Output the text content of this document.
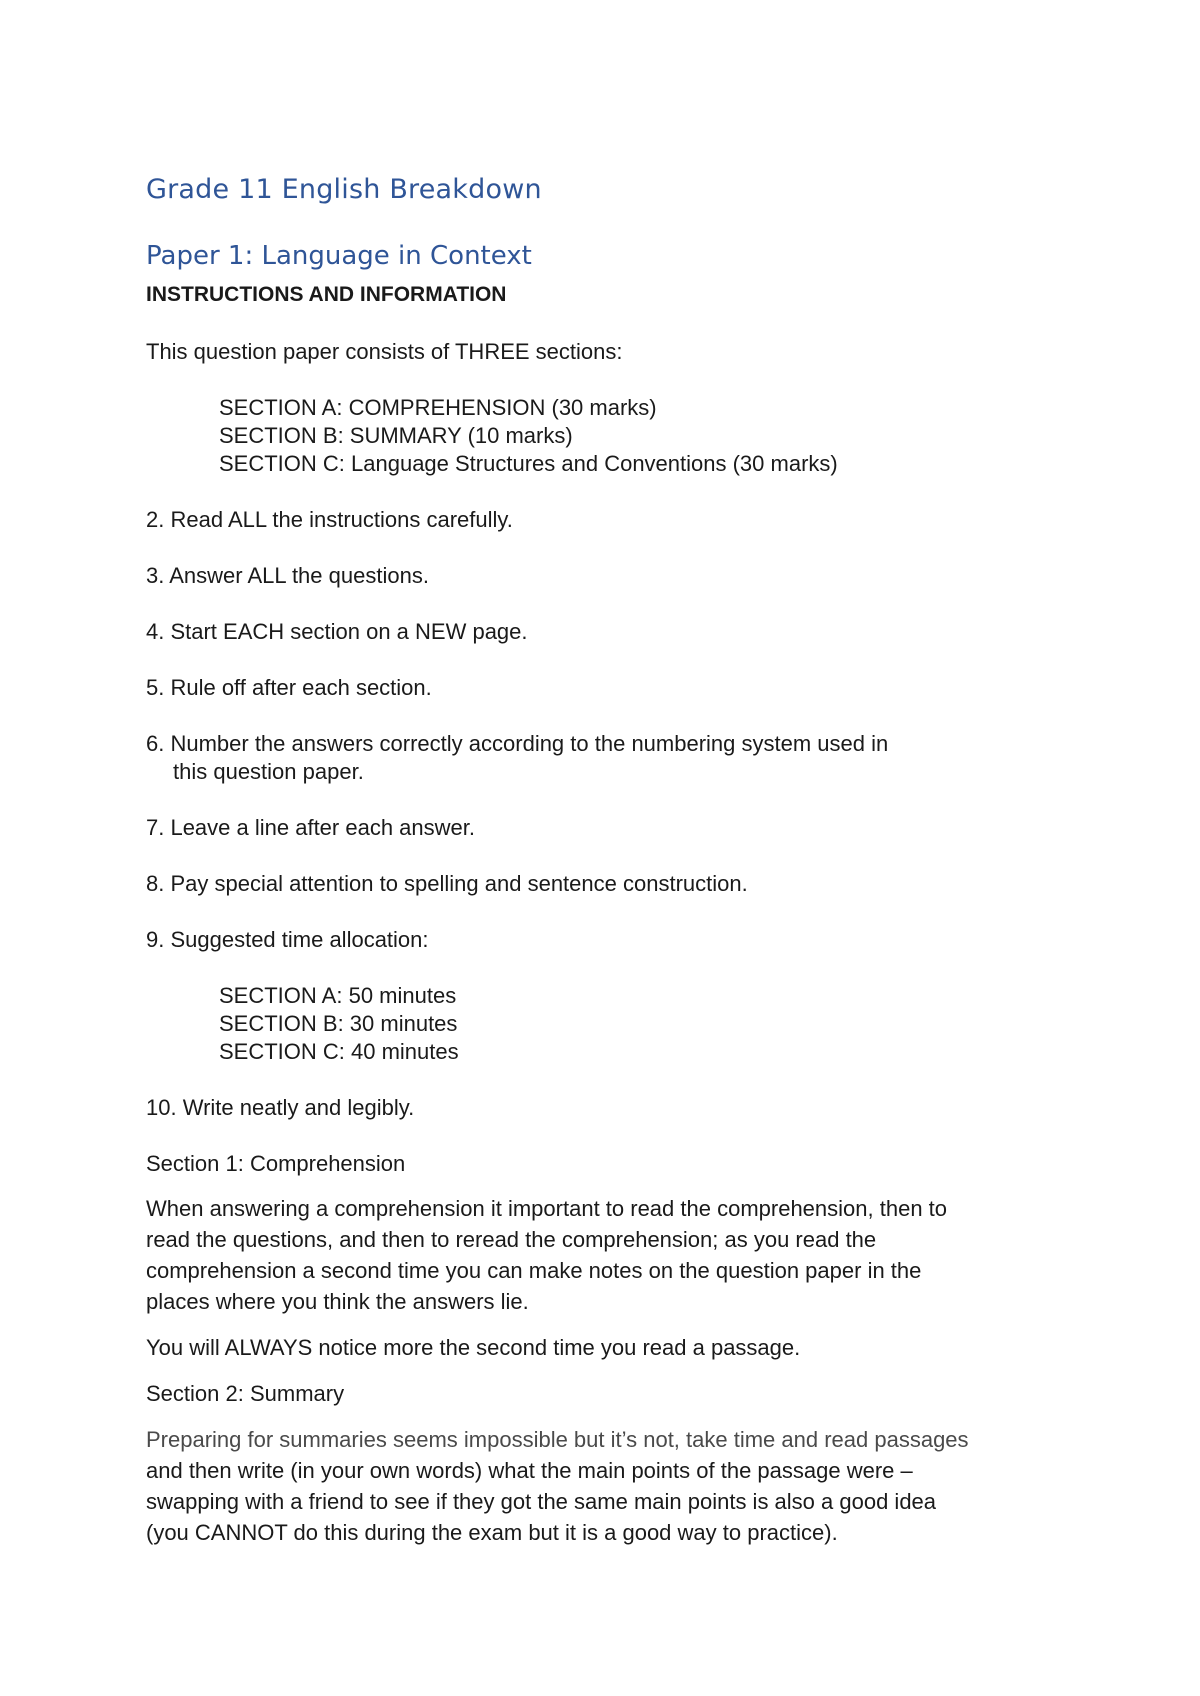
Grade 11 English Breakdown
Paper 1: Language in Context
INSTRUCTIONS AND INFORMATION
This question paper consists of THREE sections:
SECTION A: COMPREHENSION (30 marks)
SECTION B: SUMMARY (10 marks)
SECTION C: Language Structures and Conventions (30 marks)
2. Read ALL the instructions carefully.
3. Answer ALL the questions.
4. Start EACH section on a NEW page.
5. Rule off after each section.
6. Number the answers correctly according to the numbering system used in
this question paper.
7. Leave a line after each answer.
8. Pay special attention to spelling and sentence construction.
9. Suggested time allocation:
SECTION A: 50 minutes
SECTION B: 30 minutes
SECTION C: 40 minutes
10. Write neatly and legibly.
Section 1: Comprehension
When answering a comprehension it important to read the comprehension, then to
read the questions, and then to reread the comprehension; as you read the
comprehension a second time you can make notes on the question paper in the
places where you think the answers lie.
You will ALWAYS notice more the second time you read a passage.
Section 2: Summary
Preparing for summaries seems impossible but it’s not, take time and read passages
and then write (in your own words) what the main points of the passage were –
swapping with a friend to see if they got the same main points is also a good idea
(you CANNOT do this during the exam but it is a good way to practice).
